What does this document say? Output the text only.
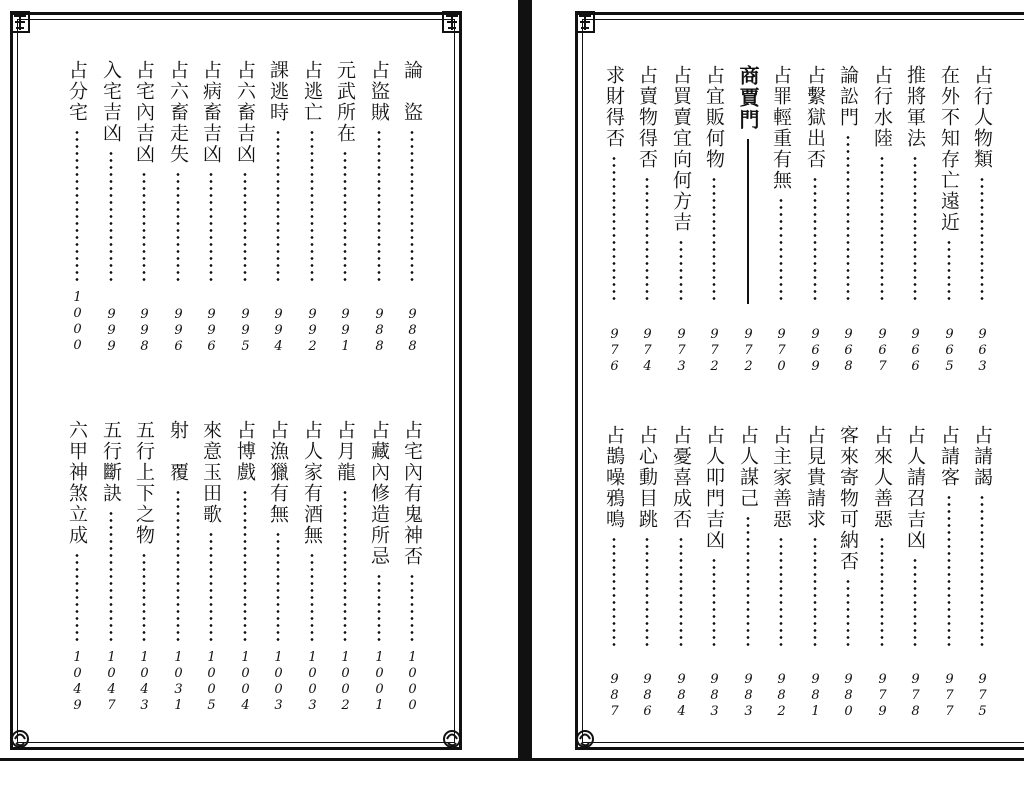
論　盜
988
占盜賊
988
元武所在
991
占逃亡
992
課逃時
994
占六畜吉凶
995
占病畜吉凶
996
占六畜走失
996
占宅內吉凶
998
入宅吉凶
999
占分宅
1000
占宅內有鬼神否
1000
占藏內修造所忌
1001
占月龍
1002
占人家有酒無
1003
占漁獵有無
1003
占博戲
1004
來意玉田歌
1005
射　覆
1031
五行上下之物
1043
五行斷訣
1047
六甲神煞立成
1049
占行人物類
963
在外不知存亡遠近
965
推將軍法
966
占行水陸
967
論訟門
968
占繫獄出否
969
占罪輕重有無
970
商賈門
972
占宜販何物
972
占買賣宜向何方吉
973
占賣物得否
974
求財得否
976
占請謁
975
占請客
977
占人請召吉凶
978
占來人善惡
979
客來寄物可納否
980
占見貴請求
981
占主家善惡
982
占人謀己
983
占人叩門吉凶
983
占憂喜成否
984
占心動目跳
986
占鵲噪鴉鳴
987
